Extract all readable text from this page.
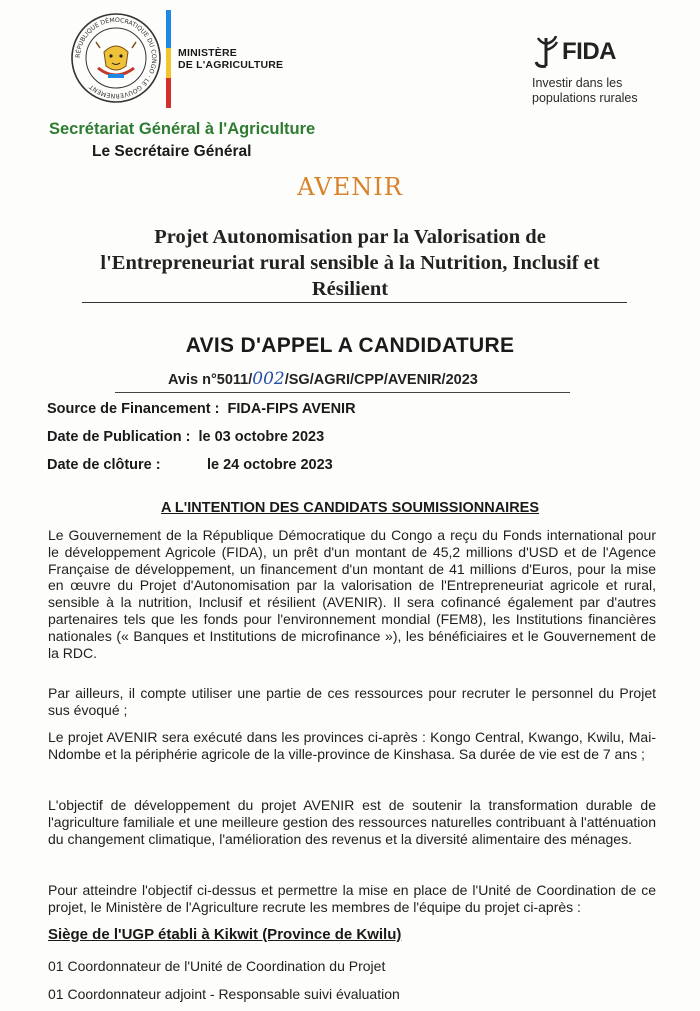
RÉPUBLIQUE DÉMOCRATIQUE DU CONGO · LE GOUVERNEMENT
MINISTÈRE
DE L'AGRICULTURE	FIDA
Investir dans les
populations rurales
Secrétariat Général à l'Agriculture
Le Secrétaire Général
AVENIR
Projet Autonomisation par la Valorisation de
l'Entrepreneuriat rural sensible à la Nutrition, Inclusif et
Résilient
AVIS D'APPEL A CANDIDATURE
Avis n°5011/002/SG/AGRI/CPP/AVENIR/2023
Source de Financement : FIDA-FIPS AVENIR
Date de Publication : le 03 octobre 2023
Date de clôture :	le 24 octobre 2023
A L'INTENTION DES CANDIDATS SOUMISSIONNAIRES
Le Gouvernement de la République Démocratique du Congo a reçu du Fonds international pour le développement Agricole (FIDA), un prêt d'un montant de 45,2 millions d'USD et de l'Agence Française de développement, un financement d'un montant de 41 millions d'Euros, pour la mise en œuvre du Projet d'Autonomisation par la valorisation de l'Entrepreneuriat agricole et rural, sensible à la nutrition, Inclusif et résilient (AVENIR). Il sera cofinancé également par d'autres partenaires tels que les fonds pour l'environnement mondial (FEM8), les Institutions financières nationales (« Banques et Institutions de microfinance »), les bénéficiaires et le Gouvernement de la RDC.
Par ailleurs, il compte utiliser une partie de ces ressources pour recruter le personnel du Projet sus évoqué ;
Le projet AVENIR sera exécuté dans les provinces ci-après : Kongo Central, Kwango, Kwilu, Mai-Ndombe et la périphérie agricole de la ville-province de Kinshasa. Sa durée de vie est de 7 ans ;
L'objectif de développement du projet AVENIR est de soutenir la transformation durable de l'agriculture familiale et une meilleure gestion des ressources naturelles contribuant à l'atténuation du changement climatique, l'amélioration des revenus et la diversité alimentaire des ménages.
Pour atteindre l'objectif ci-dessus et permettre la mise en place de l'Unité de Coordination de ce projet, le Ministère de l'Agriculture recrute les membres de l'équipe du projet ci-après :
Siège de l'UGP établi à Kikwit (Province de Kwilu)
01 Coordonnateur de l'Unité de Coordination du Projet
01 Coordonnateur adjoint - Responsable suivi évaluation
